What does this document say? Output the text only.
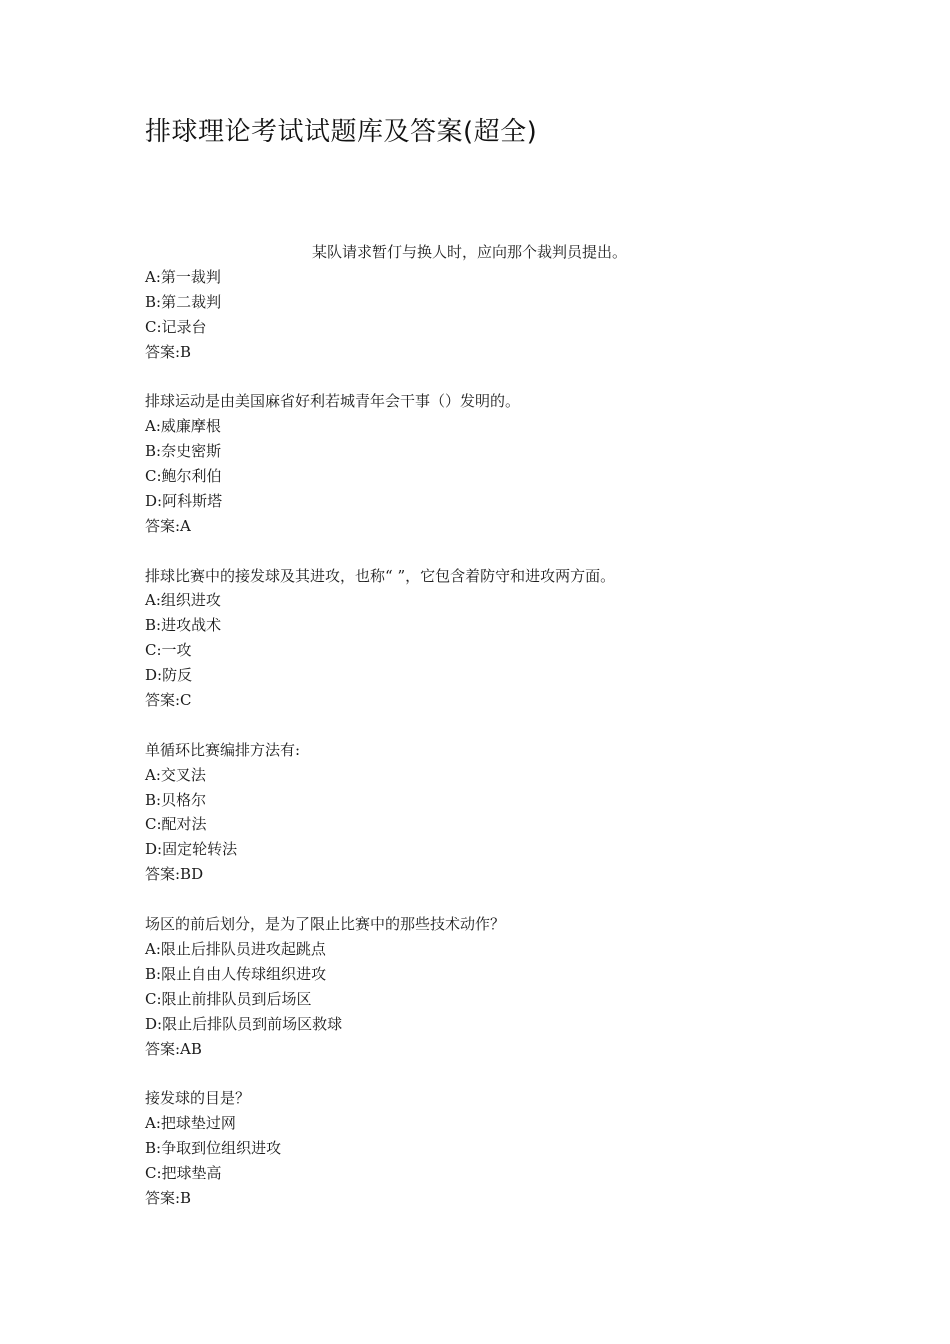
排球理论考试试题库及答案(超全)
某队请求暂仃与换人时，应向那个裁判员提出。
A:第一裁判
B:第二裁判
C:记录台
答案:B
排球运动是由美国麻省好利若城青年会干事（）发明的。
A:威廉摩根
B:奈史密斯
C:鲍尔利伯
D:阿科斯塔
答案:A
排球比赛中的接发球及其进攻，也称“ ”，它包含着防守和进攻两方面。
A:组织进攻
B:进攻战术
C:一攻
D:防反
答案:C
单循环比赛编排方法有:
A:交叉法
B:贝格尔
C:配对法
D:固定轮转法
答案:BD
场区的前后划分，是为了限止比赛中的那些技术动作？
A:限止后排队员进攻起跳点
B:限止自由人传球组织进攻
C:限止前排队员到后场区
D:限止后排队员到前场区救球
答案:AB
接发球的目是？
A:把球垫过网
B:争取到位组织进攻
C:把球垫高
答案:B
